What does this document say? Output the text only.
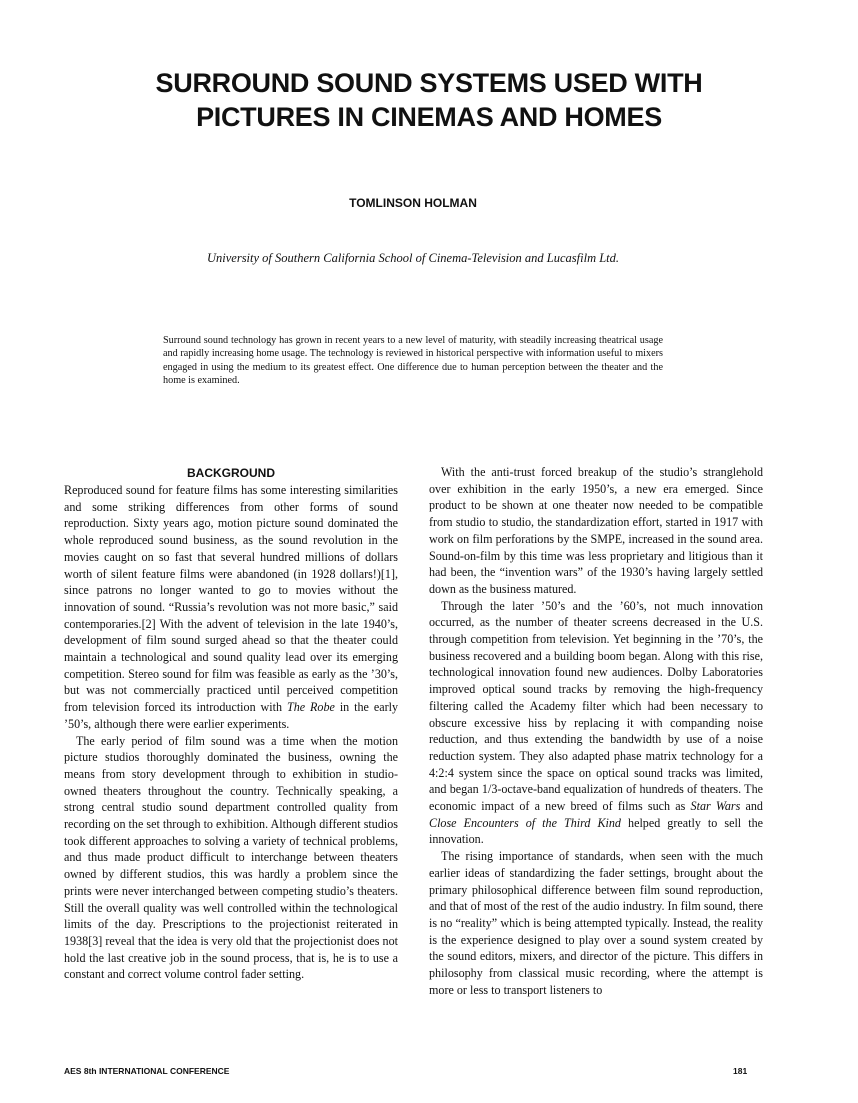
SURROUND SOUND SYSTEMS USED WITH
PICTURES IN CINEMAS AND HOMES

TOMLINSON HOLMAN

University of Southern California School of Cinema-Television and Lucasfilm Ltd.

Surround sound technology has grown in recent years to a new level of maturity, with steadily increasing theatrical usage and rapidly increasing home usage. The technology is reviewed in historical perspective with information useful to mixers engaged in using the medium to its greatest effect. One difference due to human perception between the theater and the home is examined.

BACKGROUND

Reproduced sound for feature films has some interesting similarities and some striking differences from other forms of sound reproduction. Sixty years ago, motion picture sound dominated the whole reproduced sound business, as the sound revolution in the movies caught on so fast that several hundred millions of dollars worth of silent feature films were abandoned (in 1928 dollars!)[1], since patrons no longer wanted to go to movies without the innovation of sound. “Russia’s revolution was not more basic,” said contemporaries.[2] With the advent of television in the late 1940’s, development of film sound surged ahead so that the theater could maintain a technological and sound quality lead over its emerging competition. Stereo sound for film was feasible as early as the ’30’s, but was not commercially practiced until perceived competition from television forced its introduction with The Robe in the early ’50’s, although there were earlier experiments.

The early period of film sound was a time when the motion picture studios thoroughly dominated the business, owning the means from story development through to exhibition in studio-owned theaters throughout the country. Technically speaking, a strong central studio sound department controlled quality from recording on the set through to exhibition. Although different studios took different approaches to solving a variety of technical problems, and thus made product difficult to interchange between theaters owned by different studios, this was hardly a problem since the prints were never interchanged between competing studio’s theaters. Still the overall quality was well controlled within the technological limits of the day. Prescriptions to the projectionist reiterated in 1938[3] reveal that the idea is very old that the projectionist does not hold the last creative job in the sound process, that is, he is to use a constant and correct volume control fader setting.

With the anti-trust forced breakup of the studio’s stranglehold over exhibition in the early 1950’s, a new era emerged. Since product to be shown at one theater now needed to be compatible from studio to studio, the standardization effort, started in 1917 with work on film perforations by the SMPE, increased in the sound area. Sound-on-film by this time was less proprietary and litigious than it had been, the “invention wars” of the 1930’s having largely settled down as the business matured.

Through the later ’50’s and the ’60’s, not much innovation occurred, as the number of theater screens decreased in the U.S. through competition from television. Yet beginning in the ’70’s, the business recovered and a building boom began. Along with this rise, technological innovation found new audiences. Dolby Laboratories improved optical sound tracks by removing the high-frequency filtering called the Academy filter which had been necessary to obscure excessive hiss by replacing it with companding noise reduction, and thus extending the bandwidth by use of a noise reduction system. They also adapted phase matrix technology for a 4:2:4 system since the space on optical sound tracks was limited, and began 1/3-octave-band equalization of hundreds of theaters. The economic impact of a new breed of films such as Star Wars and Close Encounters of the Third Kind helped greatly to sell the innovation.

The rising importance of standards, when seen with the much earlier ideas of standardizing the fader settings, brought about the primary philosophical difference between film sound reproduction, and that of most of the rest of the audio industry. In film sound, there is no “reality” which is being attempted typically. Instead, the reality is the experience designed to play over a sound system created by the sound editors, mixers, and director of the picture. This differs in philosophy from classical music recording, where the attempt is more or less to transport listeners to

AES 8th INTERNATIONAL CONFERENCE	181
